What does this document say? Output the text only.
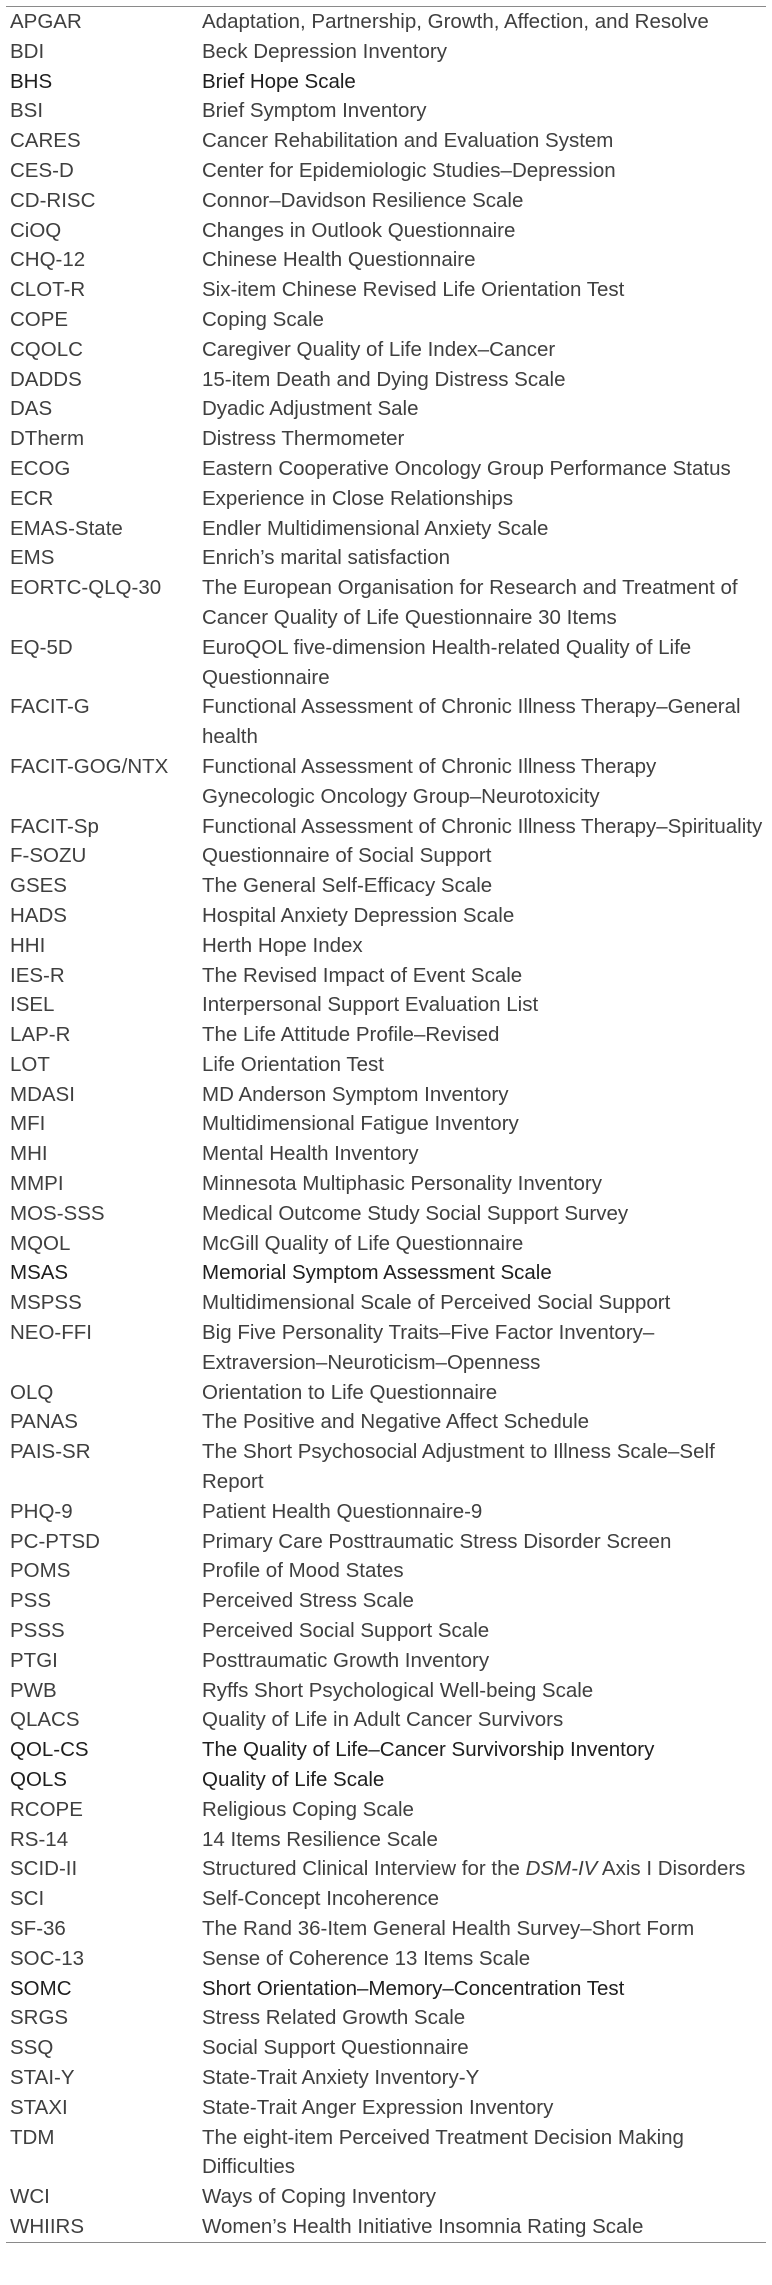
APGAR	Adaptation, Partnership, Growth, Affection, and Resolve
BDI	Beck Depression Inventory
BHS	Brief Hope Scale
BSI	Brief Symptom Inventory
CARES	Cancer Rehabilitation and Evaluation System
CES-D	Center for Epidemiologic Studies–Depression
CD-RISC	Connor–Davidson Resilience Scale
CiOQ	Changes in Outlook Questionnaire
CHQ-12	Chinese Health Questionnaire
CLOT-R	Six-item Chinese Revised Life Orientation Test
COPE	Coping Scale
CQOLC	Caregiver Quality of Life Index–Cancer
DADDS	15-item Death and Dying Distress Scale
DAS	Dyadic Adjustment Sale
DTherm	Distress Thermometer
ECOG	Eastern Cooperative Oncology Group Performance Status
ECR	Experience in Close Relationships
EMAS-State	Endler Multidimensional Anxiety Scale
EMS	Enrich’s marital satisfaction
EORTC-QLQ-30	The European Organisation for Research and Treatment of Cancer Quality of Life Questionnaire 30 Items
EQ-5D	EuroQOL five-dimension Health-related Quality of Life Questionnaire
FACIT-G	Functional Assessment of Chronic Illness Therapy–General health
FACIT-GOG/NTX	Functional Assessment of Chronic Illness Therapy Gynecologic Oncology Group–Neurotoxicity
FACIT-Sp	Functional Assessment of Chronic Illness Therapy–Spirituality
F-SOZU	Questionnaire of Social Support
GSES	The General Self-Efficacy Scale
HADS	Hospital Anxiety Depression Scale
HHI	Herth Hope Index
IES-R	The Revised Impact of Event Scale
ISEL	Interpersonal Support Evaluation List
LAP-R	The Life Attitude Profile–Revised
LOT	Life Orientation Test
MDASI	MD Anderson Symptom Inventory
MFI	Multidimensional Fatigue Inventory
MHI	Mental Health Inventory
MMPI	Minnesota Multiphasic Personality Inventory
MOS-SSS	Medical Outcome Study Social Support Survey
MQOL	McGill Quality of Life Questionnaire
MSAS	Memorial Symptom Assessment Scale
MSPSS	Multidimensional Scale of Perceived Social Support
NEO-FFI	Big Five Personality Traits–Five Factor Inventory–Extraversion–Neuroticism–Openness
OLQ	Orientation to Life Questionnaire
PANAS	The Positive and Negative Affect Schedule
PAIS-SR	The Short Psychosocial Adjustment to Illness Scale–Self Report
PHQ-9	Patient Health Questionnaire-9
PC-PTSD	Primary Care Posttraumatic Stress Disorder Screen
POMS	Profile of Mood States
PSS	Perceived Stress Scale
PSSS	Perceived Social Support Scale
PTGI	Posttraumatic Growth Inventory
PWB	Ryffs Short Psychological Well-being Scale
QLACS	Quality of Life in Adult Cancer Survivors
QOL-CS	The Quality of Life–Cancer Survivorship Inventory
QOLS	Quality of Life Scale
RCOPE	Religious Coping Scale
RS-14	14 Items Resilience Scale
SCID-II	Structured Clinical Interview for the DSM-IV Axis I Disorders
SCI	Self-Concept Incoherence
SF-36	The Rand 36-Item General Health Survey–Short Form
SOC-13	Sense of Coherence 13 Items Scale
SOMC	Short Orientation–Memory–Concentration Test
SRGS	Stress Related Growth Scale
SSQ	Social Support Questionnaire
STAI-Y	State-Trait Anxiety Inventory-Y
STAXI	State-Trait Anger Expression Inventory
TDM	The eight-item Perceived Treatment Decision Making Difficulties
WCI	Ways of Coping Inventory
WHIIRS	Women’s Health Initiative Insomnia Rating Scale
